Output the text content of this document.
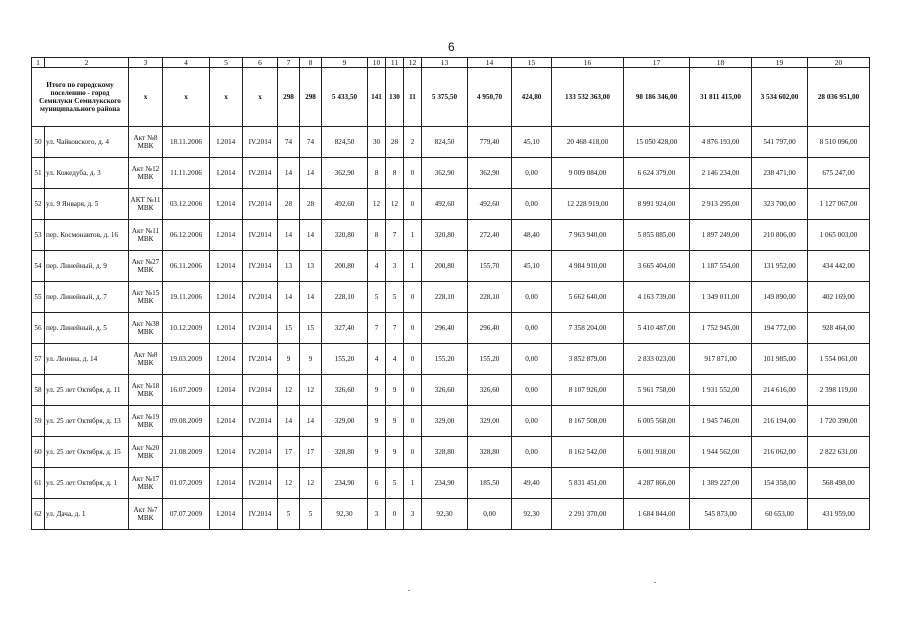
6
1	2	3	4	5	6	7	8	9	10	11	12	13	14	15	16	17	18	19	20
Итого по городскому поселению - город Семилуки Семилукского муниципального района		х	х	х	х	298	298	5 433,50	141	130	11	5 375,50	4 950,70	424,80	133 532 363,00	98 186 346,00	31 811 415,00	3 534 602,00	28 036 951,00
50	ул. Чайковского, д. 4	Акт №8 МВК	18.11.2006	I.2014	IV.2014	74	74	824,50	30	28	2	824,50	779,40	45,10	20 468 418,00	15 050 428,00	4 876 193,00	541 797,00	8 510 096,00
51	ул. Кожедуба, д. 3	Акт №12 МВК	11.11.2006	I.2014	IV.2014	14	14	362,90	8	8	0	362,90	362,90	0,00	9 009 084,00	6 624 379,00	2 146 234,00	238 471,00	675 247,00
52	ул. 9 Января, д. 5	АКТ №11 МВК	03.12.2006	I.2014	IV.2014	28	28	492,60	12	12	0	492,60	492,60	0,00	12 228 919,00	8 991 924,00	2 913 295,00	323 700,00	1 127 067,00
53	пер. Космонавтов, д. 16	Акт №11 МВК	06.12.2006	I.2014	IV.2014	14	14	320,80	8	7	1	320,80	272,40	48,40	7 963 940,00	5 855 885,00	1 897 249,00	210 806,00	1 065 003,00
54	пер. Линейный, д. 9	Акт №27 МВК	06.11.2006	I.2014	IV.2014	13	13	200,80	4	3	1	200,80	155,70	45,10	4 984 910,00	3 665 404,00	1 187 554,00	131 952,00	434 442,00
55	пер. Линейный, д. 7	Акт №15 МВК	19.11.2006	I.2014	IV.2014	14	14	228,10	5	5	0	228,10	228,10	0,00	5 662 640,00	4 163 739,00	1 349 011,00	149 890,00	402 169,00
56	пер. Линейный, д. 5	Акт №38 МВК	10.12.2009	I.2014	IV.2014	15	15	327,40	7	7	0	296,40	296,40	0,00	7 358 204,00	5 410 487,00	1 752 945,00	194 772,00	928 464,00
57	ул. Ленина, д. 14	Акт №8 МВК	19.03.2009	I.2014	IV.2014	9	9	155,20	4	4	0	155,20	155,20	0,00	3 852 879,00	2 833 023,00	917 871,00	101 985,00	1 554 061,00
58	ул. 25 лет Октября, д. 11	Акт №18 МВК	16.07.2009	I.2014	IV.2014	12	12	326,60	9	9	0	326,60	326,60	0,00	8 107 926,00	5 961 758,00	1 931 552,00	214 616,00	2 398 119,00
59	ул. 25 лет Октября, д. 13	Акт №19 МВК	09.08.2009	I.2014	IV.2014	14	14	329,00	9	9	0	329,00	329,00	0,00	8 167 508,00	6 005 568,00	1 945 746,00	216 194,00	1 720 390,00
60	ул. 25 лет Октября, д. 15	Акт №20 МВК	21.08.2009	I.2014	IV.2014	17	17	328,80	9	9	0	328,80	328,80	0,00	8 162 542,00	6 001 918,00	1 944 562,00	216 062,00	2 822 631,00
61	ул. 25 лет Октября, д. 1	Акт №17 МВК	01.07.2009	I.2014	IV.2014	12	12	234,90	6	5	1	234,90	185,50	49,40	5 831 451,00	4 287 866,00	1 389 227,00	154 358,00	568 498,00
62	ул. Дача, д. 1	Акт №7 МВК	07.07.2009	I.2014	IV.2014	5	5	92,30	3	0	3	92,30	0,00	92,30	2 291 370,00	1 684 844,00	545 873,00	60 653,00	431 959,00
